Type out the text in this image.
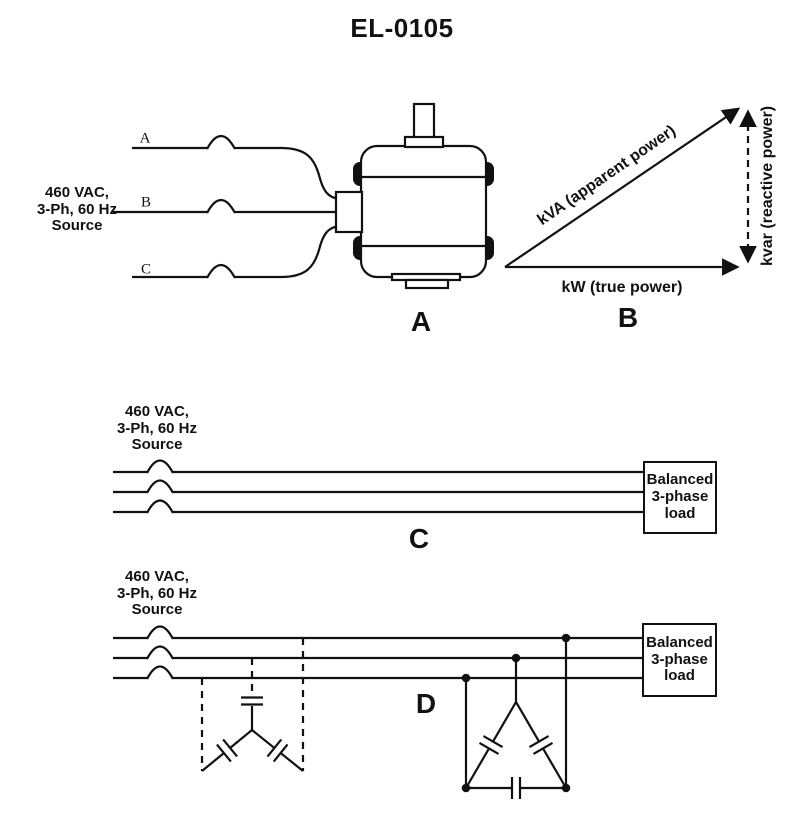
EL-0105
460 VAC,
3-Ph, 60 Hz
Source
A
B
C
A
kVA (apparent power)
kW (true power)
kvar (reactive power)
B
460 VAC,
3-Ph, 60 Hz
Source
Balanced
3-phase
load
C
460 VAC,
3-Ph, 60 Hz
Source
Balanced
3-phase
load
D
